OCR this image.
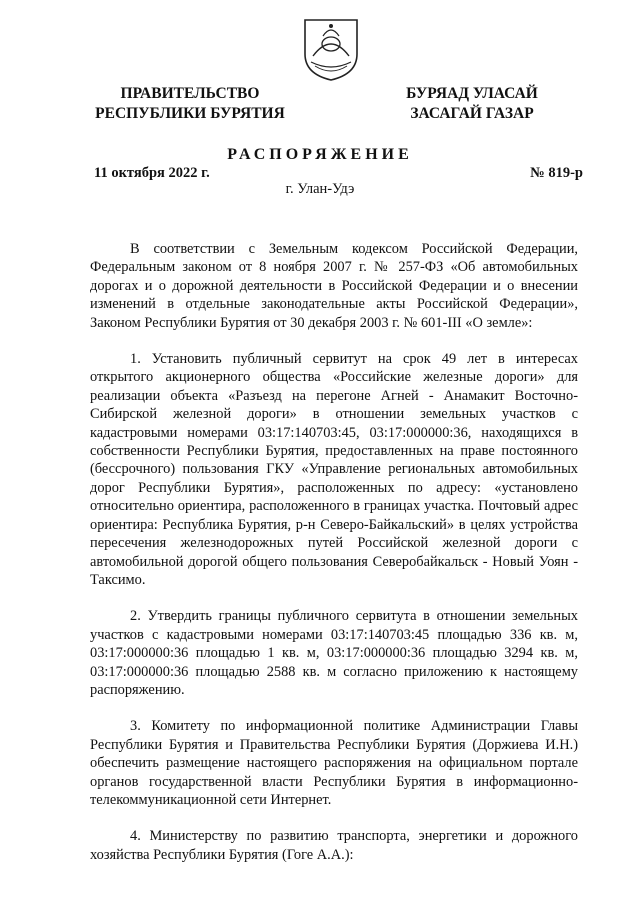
ПРАВИТЕЛЬСТВО
РЕСПУБЛИКИ БУРЯТИЯ
БУРЯАД УЛАСАЙ
ЗАСАГАЙ ГАЗАР
РАСПОРЯЖЕНИЕ
11 октября 2022 г.	№ 819-р
г. Улан-Удэ

В соответствии с Земельным кодексом Российской Федерации, Федеральным законом от 8 ноября 2007 г. № 257-ФЗ «Об автомобильных дорогах и о дорожной деятельности в Российской Федерации и о внесении изменений в отдельные законодательные акты Российской Федерации», Законом Республики Бурятия от 30 декабря 2003 г. № 601-III «О земле»:

1. Установить публичный сервитут на срок 49 лет в интересах открытого акционерного общества «Российские железные дороги» для реализации объекта «Разъезд на перегоне Агней - Анамакит Восточно-Сибирской железной дороги» в отношении земельных участков с кадастровыми номерами 03:17:140703:45, 03:17:000000:36, находящихся в собственности Республики Бурятия, предоставленных на праве постоянного (бессрочного) пользования ГКУ «Управление региональных автомобильных дорог Республики Бурятия», расположенных по адресу: «установлено относительно ориентира, расположенного в границах участка. Почтовый адрес ориентира: Республика Бурятия, р-н Северо-Байкальский» в целях устройства пересечения железнодорожных путей Российской железной дороги с автомобильной дорогой общего пользования Северобайкальск - Новый Уоян - Таксимо.

2. Утвердить границы публичного сервитута в отношении земельных участков с кадастровыми номерами 03:17:140703:45 площадью 336 кв. м, 03:17:000000:36 площадью 1 кв. м, 03:17:000000:36 площадью 3294 кв. м, 03:17:000000:36 площадью 2588 кв. м согласно приложению к настоящему распоряжению.

3. Комитету по информационной политике Администрации Главы Республики Бурятия и Правительства Республики Бурятия (Доржиева И.Н.) обеспечить размещение настоящего распоряжения на официальном портале органов государственной власти Республики Бурятия в информационно-телекоммуникационной сети Интернет.

4. Министерству по развитию транспорта, энергетики и дорожного хозяйства Республики Бурятия (Гоге А.А.):
